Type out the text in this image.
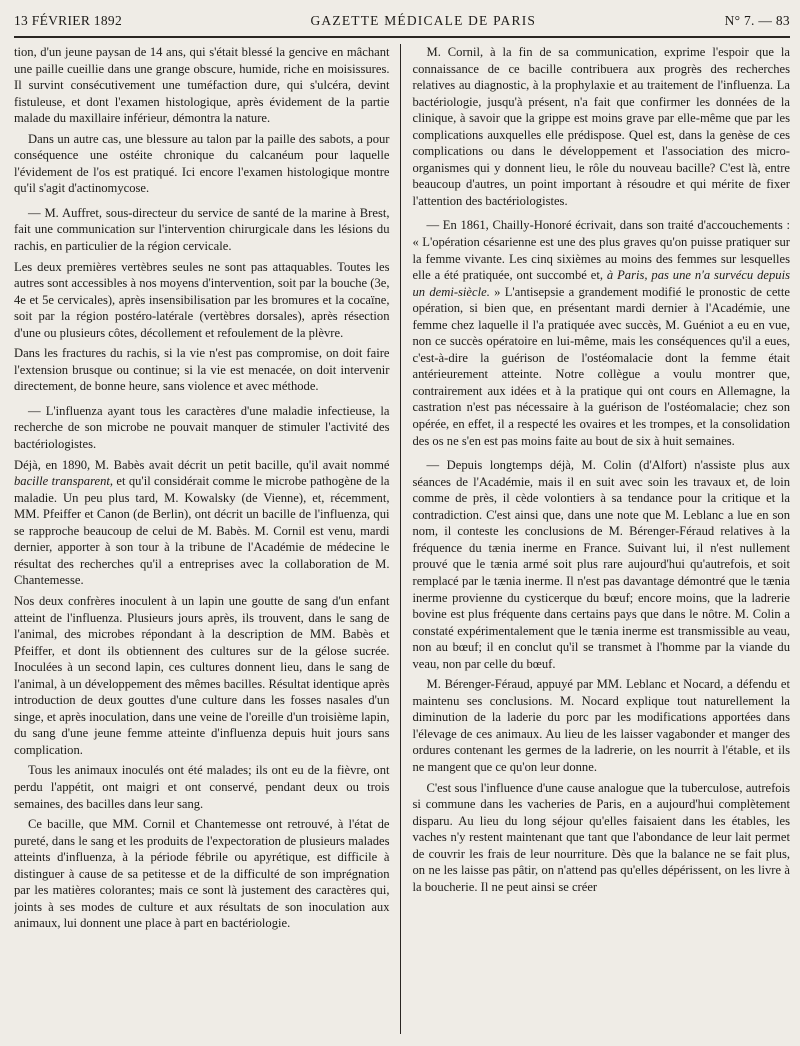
13 FÉVRIER 1892	GAZETTE MÉDICALE DE PARIS	N° 7. — 83

tion, d'un jeune paysan de 14 ans, qui s'était blessé la gencive en mâchant une paille cueillie dans une grange obscure, humide, riche en moisissures. Il survint consécutivement une tuméfaction dure, qui s'ulcéra, devint fistuleuse, et dont l'examen histologique, après évidement de la partie malade du maxillaire inférieur, démontra la nature.

Dans un autre cas, une blessure au talon par la paille des sabots, a pour conséquence une ostéite chronique du calcanéum pour laquelle l'évidement de l'os est pratiqué. Ici encore l'examen histologique montre qu'il s'agit d'actinomycose.

— M. Auffret, sous-directeur du service de santé de la marine à Brest, fait une communication sur l'intervention chirurgicale dans les lésions du rachis, en particulier de la région cervicale.

Les deux premières vertèbres seules ne sont pas attaquables. Toutes les autres sont accessibles à nos moyens d'intervention, soit par la bouche (3e, 4e et 5e cervicales), après insensibilisation par les bromures et la cocaïne, soit par la région postéro-latérale (vertèbres dorsales), après résection d'une ou plusieurs côtes, décollement et refoulement de la plèvre.

Dans les fractures du rachis, si la vie n'est pas compromise, on doit faire l'extension brusque ou continue; si la vie est menacée, on doit intervenir directement, de bonne heure, sans violence et avec méthode.

— L'influenza ayant tous les caractères d'une maladie infectieuse, la recherche de son microbe ne pouvait manquer de stimuler l'activité des bactériologistes.

Déjà, en 1890, M. Babès avait décrit un petit bacille, qu'il avait nommé bacille transparent, et qu'il considérait comme le microbe pathogène de la maladie. Un peu plus tard, M. Kowalsky (de Vienne), et, récemment, MM. Pfeiffer et Canon (de Berlin), ont décrit un bacille de l'influenza, qui se rapproche beaucoup de celui de M. Babès. M. Cornil est venu, mardi dernier, apporter à son tour à la tribune de l'Académie de médecine le résultat des recherches qu'il a entreprises avec la collaboration de M. Chantemesse.

Nos deux confrères inoculent à un lapin une goutte de sang d'un enfant atteint de l'influenza. Plusieurs jours après, ils trouvent, dans le sang de l'animal, des microbes répondant à la description de MM. Babès et Pfeiffer, et dont ils obtiennent des cultures sur de la gélose sucrée. Inoculées à un second lapin, ces cultures donnent lieu, dans le sang de l'animal, à un développement des mêmes bacilles. Résultat identique après introduction de deux gouttes d'une culture dans les fosses nasales d'un singe, et après inoculation, dans une veine de l'oreille d'un troisième lapin, du sang d'une jeune femme atteinte d'influenza depuis huit jours sans complication.

Tous les animaux inoculés ont été malades; ils ont eu de la fièvre, ont perdu l'appétit, ont maigri et ont conservé, pendant deux ou trois semaines, des bacilles dans leur sang.

Ce bacille, que MM. Cornil et Chantemesse ont retrouvé, à l'état de pureté, dans le sang et les produits de l'expectoration de plusieurs malades atteints d'influenza, à la période fébrile ou apyrétique, est difficile à distinguer à cause de sa petitesse et de la difficulté de son imprégnation par les matières colorantes; mais ce sont là justement des caractères qui, joints à ses modes de culture et aux résultats de son inoculation aux animaux, lui donnent une place à part en bactériologie.

M. Cornil, à la fin de sa communication, exprime l'espoir que la connaissance de ce bacille contribuera aux progrès des recherches relatives au diagnostic, à la prophylaxie et au traitement de l'influenza. La bactériologie, jusqu'à présent, n'a fait que confirmer les données de la clinique, à savoir que la grippe est moins grave par elle-même que par les complications auxquelles elle prédispose. Quel est, dans la genèse de ces complications ou dans le développement et l'association des micro-organismes qui y donnent lieu, le rôle du nouveau bacille? C'est là, entre beaucoup d'autres, un point important à résoudre et qui mérite de fixer l'attention des bactériologistes.

— En 1861, Chailly-Honoré écrivait, dans son traité d'accouchements : « L'opération césarienne est une des plus graves qu'on puisse pratiquer sur la femme vivante. Les cinq sixièmes au moins des femmes sur lesquelles elle a été pratiquée, ont succombé et, à Paris, pas une n'a survécu depuis un demi-siècle. » L'antisepsie a grandement modifié le pronostic de cette opération, si bien que, en présentant mardi dernier à l'Académie, une femme chez laquelle il l'a pratiquée avec succès, M. Guéniot a eu en vue, non ce succès opératoire en lui-même, mais les conséquences qu'il a eues, c'est-à-dire la guérison de l'ostéomalacie dont la femme était antérieurement atteinte. Notre collègue a voulu montrer que, contrairement aux idées et à la pratique qui ont cours en Allemagne, la castration n'est pas nécessaire à la guérison de l'ostéomalacie; chez son opérée, en effet, il a respecté les ovaires et les trompes, et la consolidation des os ne s'en est pas moins faite au bout de six à huit semaines.

— Depuis longtemps déjà, M. Colin (d'Alfort) n'assiste plus aux séances de l'Académie, mais il en suit avec soin les travaux et, de loin comme de près, il cède volontiers à sa tendance pour la critique et la contradiction. C'est ainsi que, dans une note que M. Leblanc a lue en son nom, il conteste les conclusions de M. Bérenger-Féraud relatives à la fréquence du tænia inerme en France. Suivant lui, il n'est nullement prouvé que le tænia armé soit plus rare aujourd'hui qu'autrefois, et soit remplacé par le tænia inerme. Il n'est pas davantage démontré que le tænia inerme provienne du cysticerque du bœuf; encore moins, que la ladrerie bovine est plus fréquente dans certains pays que dans le nôtre. M. Colin a constaté expérimentalement que le tænia inerme est transmissible au veau, non au bœuf; il en conclut qu'il se transmet à l'homme par la viande du veau, non par celle du bœuf.

M. Bérenger-Féraud, appuyé par MM. Leblanc et Nocard, a défendu et maintenu ses conclusions. M. Nocard explique tout naturellement la diminution de la laderie du porc par les modifications apportées dans l'élevage de ces animaux. Au lieu de les laisser vagabonder et manger des ordures contenant les germes de la ladrerie, on les nourrit à l'étable, et ils ne mangent que ce qu'on leur donne.

C'est sous l'influence d'une cause analogue que la tuberculose, autrefois si commune dans les vacheries de Paris, en a aujourd'hui complètement disparu. Au lieu du long séjour qu'elles faisaient dans les étables, les vaches n'y restent maintenant que tant que l'abondance de leur lait permet de couvrir les frais de leur nourriture. Dès que la balance ne se fait plus, on ne les laisse pas pâtir, on n'attend pas qu'elles dépérissent, on les livre à la boucherie. Il ne peut ainsi se créer
